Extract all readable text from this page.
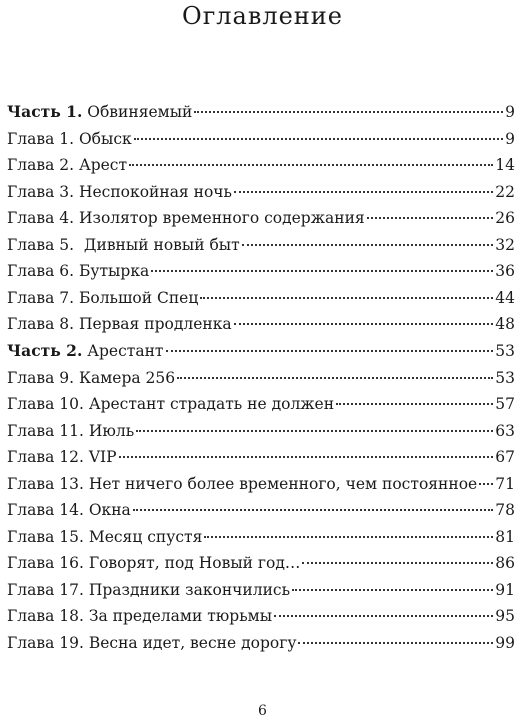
Оглавление
Часть 1. Обвиняемый	9
Глава 1. Обыск	9
Глава 2. Арест	14
Глава 3. Неспокойная ночь	22
Глава 4. Изолятор временного содержания	26
Глава 5.  Дивный новый быт	32
Глава 6. Бутырка	36
Глава 7. Большой Спец	44
Глава 8. Первая продленка	48
Часть 2. Арестант	53
Глава 9. Камера 256	53
Глава 10. Арестант страдать не должен	57
Глава 11. Июль	63
Глава 12. VIP	67
Глава 13. Нет ничего более временного, чем постоянное 71
Глава 14. Окна	78
Глава 15. Месяц спустя	81
Глава 16. Говорят, под Новый год…	86
Глава 17. Праздники закончились	91
Глава 18. За пределами тюрьмы	95
Глава 19. Весна идет, весне дорогу	99
6
